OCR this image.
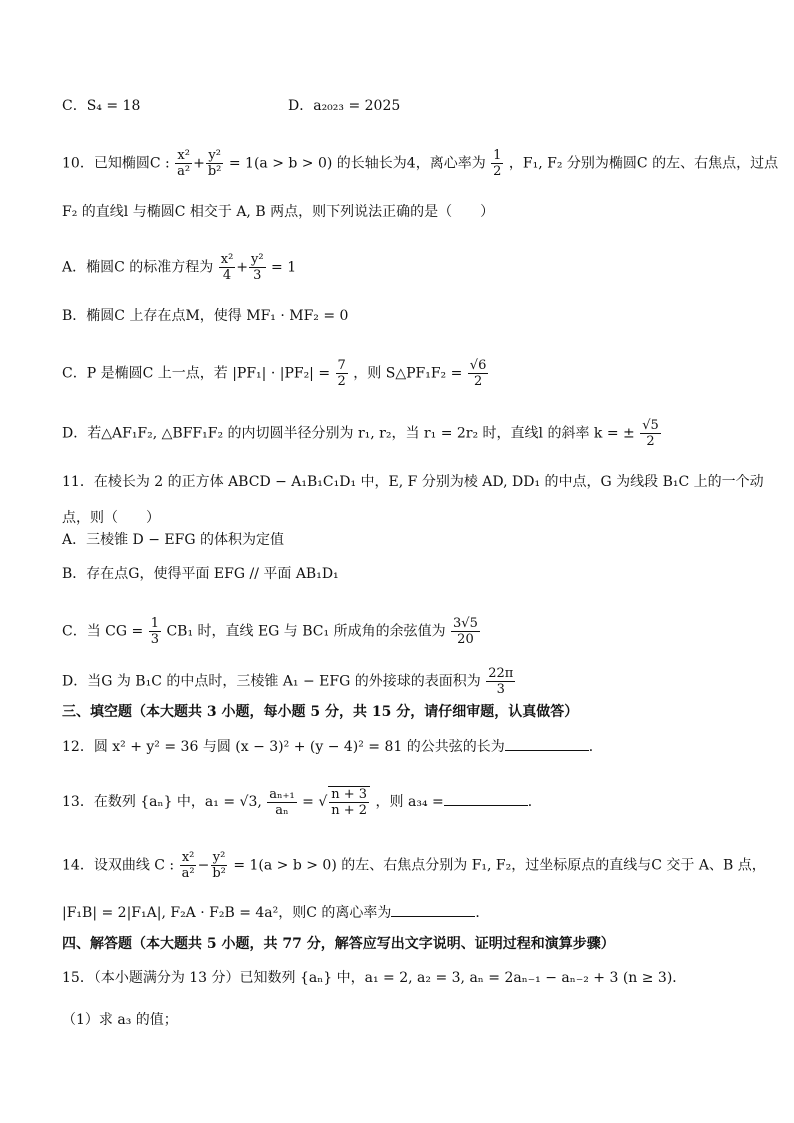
C．S₄ = 18	D．a₂₀₂₃ = 2025
10．已知椭圆C : $\frac{\text{x²}}{\text{a²}} + \frac{\text{y²}}{\text{b²}} = 1(a > b > 0)$ 的长轴长为4，离心率为 $\frac{1}{2}$ ，F₁, F₂ 分别为椭圆C 的左、右焦点，过点
F₂ 的直线l 与椭圆C 相交于 A, B 两点，则下列说法正确的是（　　）
A．椭圆C 的标准方程为 $\frac{\text{x²}}{4} + \frac{\text{y²}}{3} = 1$
B．椭圆C 上存在点M，使得 MF₁ · MF₂ = 0
C．P 是椭圆C 上一点，若 $|PF_1| \cdot |PF_2| = \frac{7}{2}$ ，则 S△PF₁F₂ = $\frac{√6}{2}$
D．若△AF₁F₂, △BFF₁F₂ 的内切圆半径分别为 r₁, r₂，当 r₁ = 2r₂ 时，直线l 的斜率 k = ± $\frac{√5}{2}$
11．在棱长为 2 的正方体 ABCD − A₁B₁C₁D₁ 中，E, F 分别为棱 AD, DD₁ 的中点，G 为线段 B₁C 上的一个动
点，则（　　）
A．三棱锥 D − EFG 的体积为定值
B．存在点G，使得平面 EFG // 平面 AB₁D₁
C．当 CG = $\frac{1}{3} CB_1$ 时，直线 EG 与 BC₁ 所成角的余弦值为 $\frac{3√5}{20}$
D．当G 为 B₁C 的中点时，三棱锥 A₁ − EFG 的外接球的表面积为 $\frac{22\pi}{3}$
三、填空题（本大题共 3 小题，每小题 5 分，共 15 分，请仔细审题，认真做答）
12．圆 x² + y² = 36 与圆 (x − 3)² + (y − 4)² = 81 的公共弦的长为	．
13．在数列 {aₙ} 中，a₁ = √3, $\frac{\text{aₙ₊₁}}{\text{aₙ}}$ = √ $\frac{n + 3}{n + 2}$ ，则 a₃₄ =	．
14．设双曲线 C : $\frac{\text{x²}}{\text{a²}} - \frac{\text{y²}}{\text{b²}} = 1(a > b > 0)$ 的左、右焦点分别为 F₁, F₂，过坐标原点的直线与C 交于 A、B 点，
|F₁B| = 2|F₁A|, F₂A · F₂B = 4a²，则C 的离心率为	．
四、解答题（本大题共 5 小题，共 77 分，解答应写出文字说明、证明过程和演算步骤）
15．（本小题满分为 13 分）已知数列 {aₙ} 中，a₁ = 2, a₂ = 3, aₙ = 2aₙ₋₁ − aₙ₋₂ + 3 (n ≥ 3)．
（1）求 a₃ 的值；
